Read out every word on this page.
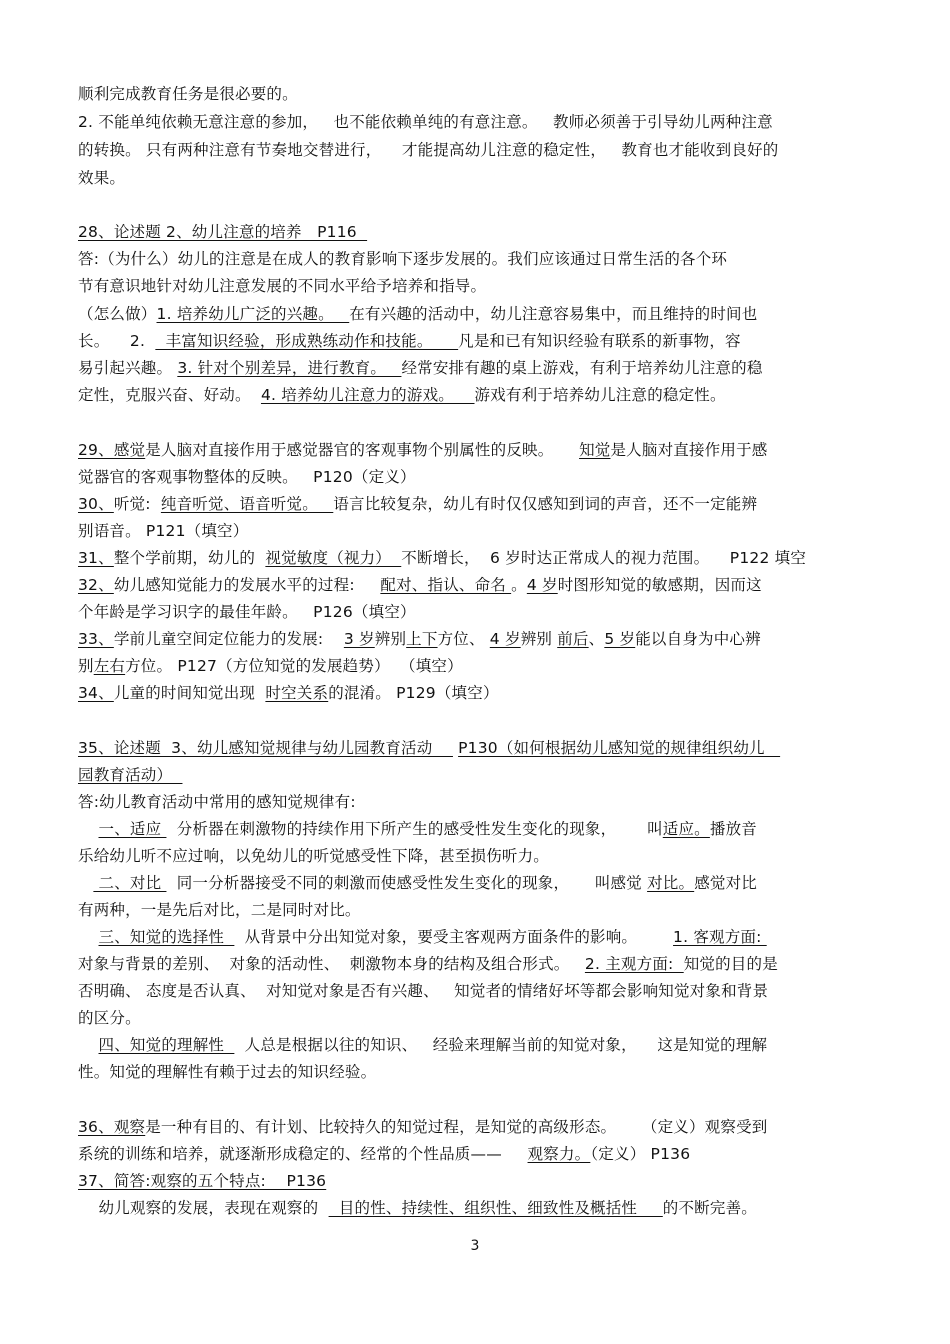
顺利完成教育任务是很必要的。
2. 不能单纯依赖无意注意的参加，   也不能依赖单纯的有意注意。   教师必须善于引导幼儿两种注意
的转换。 只有两种注意有节奏地交替进行，    才能提高幼儿注意的稳定性，   教育也才能收到良好的
效果。
28、论述题 2、幼儿注意的培养   P116
答:（为什么）幼儿的注意是在成人的教育影响下逐步发展的。我们应该通过日常生活的各个环
节有意识地针对幼儿注意发展的不同水平给予培养和指导。
（怎么做）1. 培养幼儿广泛的兴趣。   在有兴趣的活动中，幼儿注意容易集中，而且维持的时间也
长。    2.    丰富知识经验，形成熟练动作和技能。     凡是和已有知识经验有联系的新事物，容
易引起兴趣。 3. 针对个别差异，进行教育。   经常安排有趣的桌上游戏，有利于培养幼儿注意的稳
定性，克服兴奋、好动。  4. 培养幼儿注意力的游戏。    游戏有利于培养幼儿注意的稳定性。
29、感觉是人脑对直接作用于感觉器官的客观事物个别属性的反映。     知觉是人脑对直接作用于感
觉器官的客观事物整体的反映。   P120（定义）
30、听觉:  纯音听觉、语音听觉。   语言比较复杂，幼儿有时仅仅感知到词的声音，还不一定能辨
别语音。 P121（填空）
31、整个学前期，幼儿的  视觉敏度（视力）  不断增长，  6 岁时达正常成人的视力范围。    P122 填空
32、幼儿感知觉能力的发展水平的过程:     配对、指认、命名 。4 岁时图形知觉的敏感期，因而这
个年龄是学习识字的最佳年龄。   P126（填空）
33、学前儿童空间定位能力的发展:    3 岁辨别上下方位、 4 岁辨别 前后、5 岁能以自身为中心辨
别左右方位。 P127（方位知觉的发展趋势）  （填空）
34、儿童的时间知觉出现  时空关系的混淆。 P129（填空）
35、论述题  3、幼儿感知觉规律与幼儿园教育活动     P130（如何根据幼儿感知觉的规律组织幼儿
园教育活动）
答:幼儿教育活动中常用的感知觉规律有:
一、适应   分析器在刺激物的持续作用下所产生的感受性发生变化的现象，      叫适应。播放音
乐给幼儿听不应过响，以免幼儿的听觉感受性下降，甚至损伤听力。
二、对比   同一分析器接受不同的刺激而使感受性发生变化的现象，     叫感觉 对比。感觉对比
有两种，一是先后对比，二是同时对比。
三、知觉的选择性    从背景中分出知觉对象，要受主客观两方面条件的影响。       1. 客观方面:
对象与背景的差别、  对象的活动性、  刺激物本身的结构及组合形式。   2. 主观方面:  知觉的目的是
否明确、 态度是否认真、  对知觉对象是否有兴趣、   知觉者的情绪好坏等都会影响知觉对象和背景
的区分。
四、知觉的理解性    人总是根据以往的知识、   经验来理解当前的知觉对象，    这是知觉的理解
性。知觉的理解性有赖于过去的知识经验。
36、观察是一种有目的、有计划、比较持久的知觉过程，是知觉的高级形态。     （定义）观察受到
系统的训练和培养，就逐渐形成稳定的、经常的个性品质——     观察力。（定义） P136
37、简答:观察的五个特点:    P136
幼儿观察的发展，表现在观察的    目的性、持续性、组织性、细致性及概括性     的不断完善。
3
